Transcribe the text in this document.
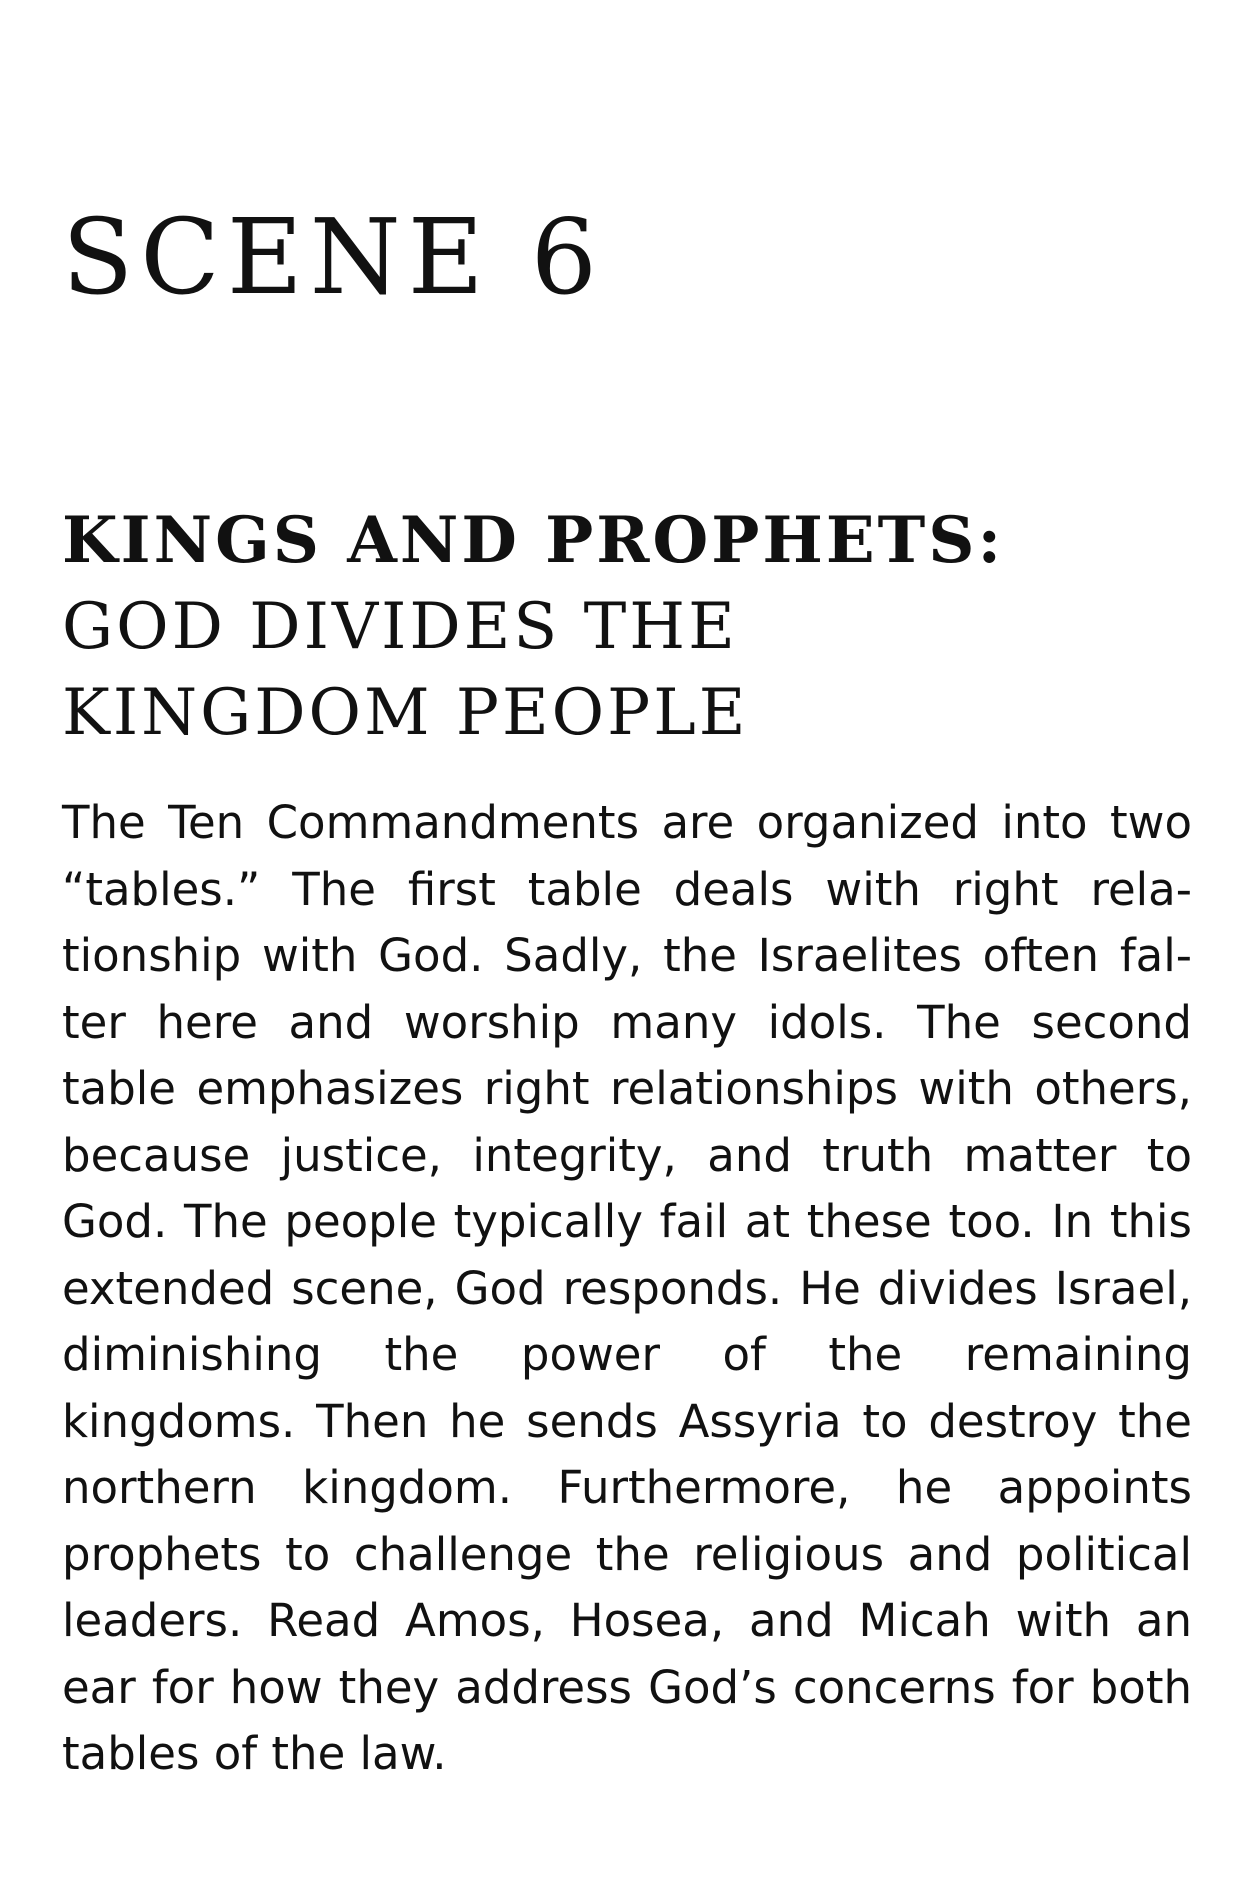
SCENE 6
KINGS AND PROPHETS:
GOD DIVIDES THE
KINGDOM PEOPLE

The Ten Commandments are organized into two “tables.” The first table deals with right relationship with God. Sadly, the Israelites often falter here and worship many idols. The second table emphasizes right relationships with others, because justice, integrity, and truth matter to God. The people typically fail at these too. In this extended scene, God responds. He divides Israel, diminishing the power of the remaining kingdoms. Then he sends Assyria to destroy the northern kingdom. Furthermore, he appoints prophets to challenge the religious and political leaders. Read Amos, Hosea, and Micah with an ear for how they address God’s concerns for both tables of the law.
